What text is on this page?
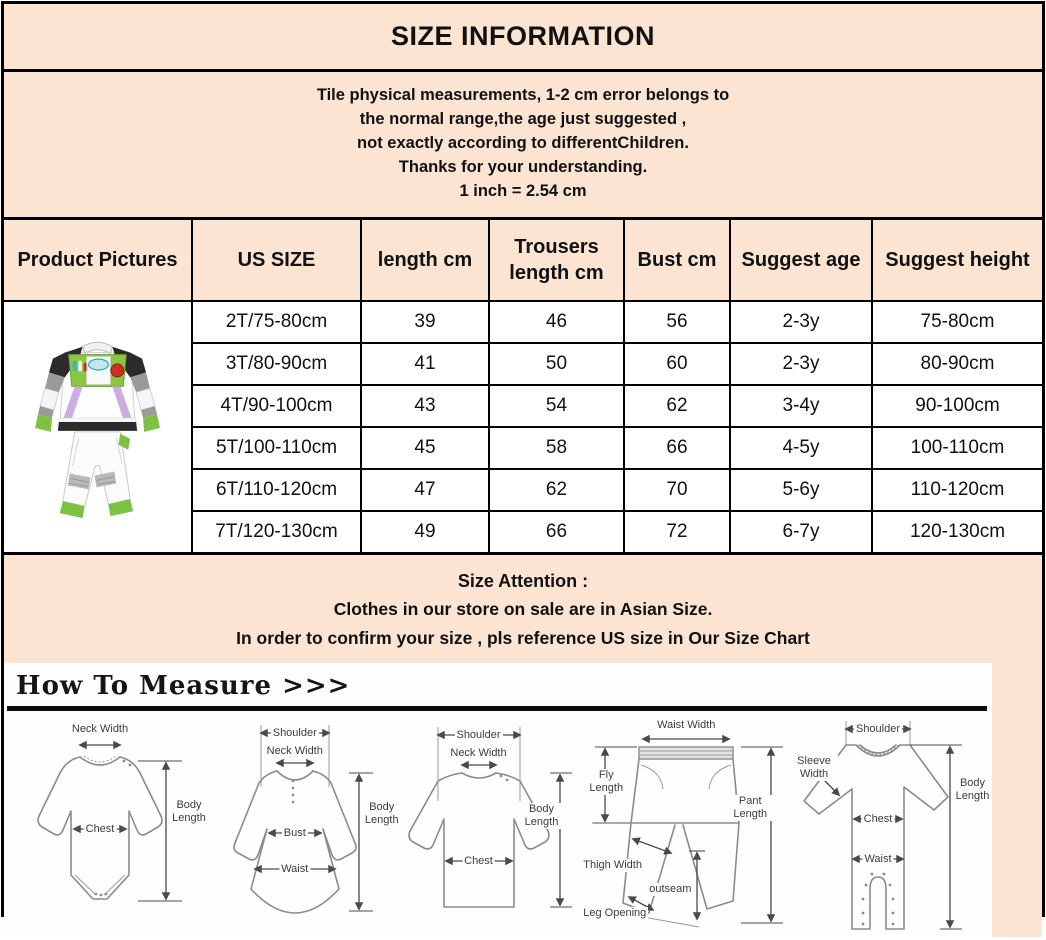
SIZE INFORMATION
Tile physical measurements, 1-2 cm error belongs to
the normal range,the age just suggested ,
not exactly according to differentChildren.
Thanks for your understanding.
1 inch = 2.54 cm
Product Pictures	US SIZE	length cm	Trousers length cm	Bust cm	Suggest age	Suggest height
	2T/75-80cm	39	46	56	2-3y	75-80cm
	3T/80-90cm	41	50	60	2-3y	80-90cm
	4T/90-100cm	43	54	62	3-4y	90-100cm
	5T/100-110cm	45	58	66	4-5y	100-110cm
	6T/110-120cm	47	62	70	5-6y	110-120cm
	7T/120-130cm	49	66	72	6-7y	120-130cm
Size Attention :
Clothes in our store on sale are in Asian Size.
In order to confirm your size , pls reference US size in Our Size Chart
How To Measure >>>
Neck Width
Chest
Body Length
Shoulder
Neck Width
Bust
Waist
Body Length
Shoulder
Neck Width
Chest
Body Length
Waist Width
Fly Length
Thigh Width
Leg Opening
Pant Length
outseam
Shoulder
Sleeve Width
Chest
Waist
Body Length
